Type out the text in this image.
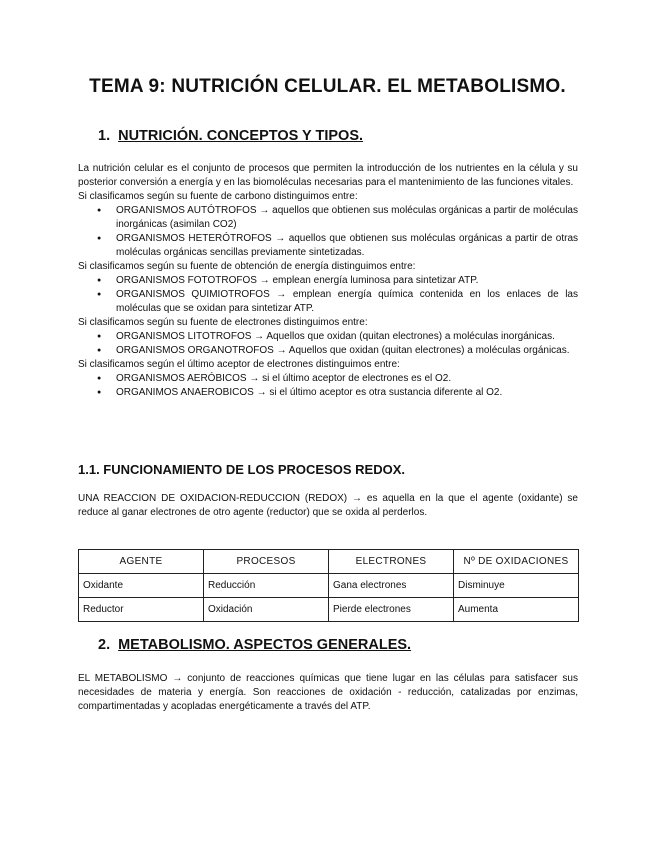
TEMA 9: NUTRICIÓN CELULAR. EL METABOLISMO.
1. NUTRICIÓN. CONCEPTOS Y TIPOS.

La nutrición celular es el conjunto de procesos que permiten la introducción de los nutrientes en la célula y su posterior conversión a energía y en las biomoléculas necesarias para el mantenimiento de las funciones vitales.

Si clasificamos según su fuente de carbono distinguimos entre:

● ORGANISMOS AUTÓTROFOS → aquellos que obtienen sus moléculas orgánicas a partir de moléculas inorgánicas (asimilan CO2)
● ORGANISMOS HETERÓTROFOS → aquellos que obtienen sus moléculas orgánicas a partir de otras moléculas orgánicas sencillas previamente sintetizadas.

Si clasificamos según su fuente de obtención de energía distinguimos entre:

● ORGANISMOS FOTOTROFOS → emplean energía luminosa para sintetizar ATP.
● ORGANISMOS QUIMIOTROFOS → emplean energía química contenida en los enlaces de las moléculas que se oxidan para sintetizar ATP.

Si clasificamos según su fuente de electrones distinguimos entre:

● ORGANISMOS LITOTROFOS → Aquellos que oxidan (quitan electrones) a moléculas inorgánicas.
● ORGANISMOS ORGANOTROFOS → Aquellos que oxidan (quitan electrones) a moléculas orgánicas.

Si clasificamos según el último aceptor de electrones distinguimos entre:

● ORGANISMOS AERÓBICOS → si el último aceptor de electrones es el O2.
● ORGANIMOS ANAEROBICOS → si el último aceptor es otra sustancia diferente al O2.
1.1. FUNCIONAMIENTO DE LOS PROCESOS REDOX.

UNA REACCION DE OXIDACION-REDUCCION (REDOX) → es aquella en la que el agente (oxidante) se reduce al ganar electrones de otro agente (reductor) que se oxida al perderlos.

AGENTE	PROCESOS	ELECTRONES	Nº DE OXIDACIONES
Oxidante	Reducción	Gana electrones	Disminuye
Reductor	Oxidación	Pierde electrones	Aumenta
2. METABOLISMO. ASPECTOS GENERALES.

EL METABOLISMO → conjunto de reacciones químicas que tiene lugar en las células para satisfacer sus necesidades de materia y energía. Son reacciones de oxidación - reducción, catalizadas por enzimas, compartimentadas y acopladas energéticamente a través del ATP.
